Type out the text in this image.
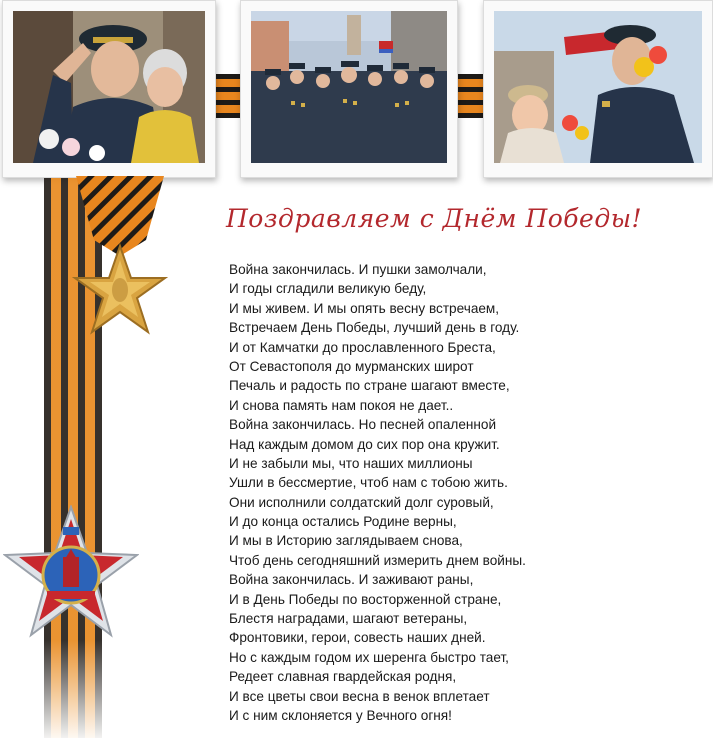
Поздравляем с Днём Победы!
Война закончилась. И пушки замолчали,
И годы сгладили великую беду,
И мы живем. И мы опять весну встречаем,
Встречаем День Победы, лучший день в году.
И от Камчатки до прославленного Бреста,
От Севастополя до мурманских широт
Печаль и радость по стране шагают вместе,
И снова память нам покоя не дает..
Война закончилась. Но песней опаленной
Над каждым домом до сих пор она кружит.
И не забыли мы, что наших миллионы
Ушли в бессмертие, чтоб нам с тобою жить.
Они исполнили солдатский долг суровый,
И до конца остались Родине верны,
И мы в Историю заглядываем снова,
Чтоб день сегодняшний измерить днем войны.
Война закончилась. И заживают раны,
И в День Победы по восторженной стране,
Блестя наградами, шагают ветераны,
Фронтовики, герои, совесть наших дней.
Но с каждым годом их шеренга быстро тает,
Редеет славная гвардейская родня,
И все цветы свои весна в венок вплетает
И с ним склоняется у Вечного огня!
